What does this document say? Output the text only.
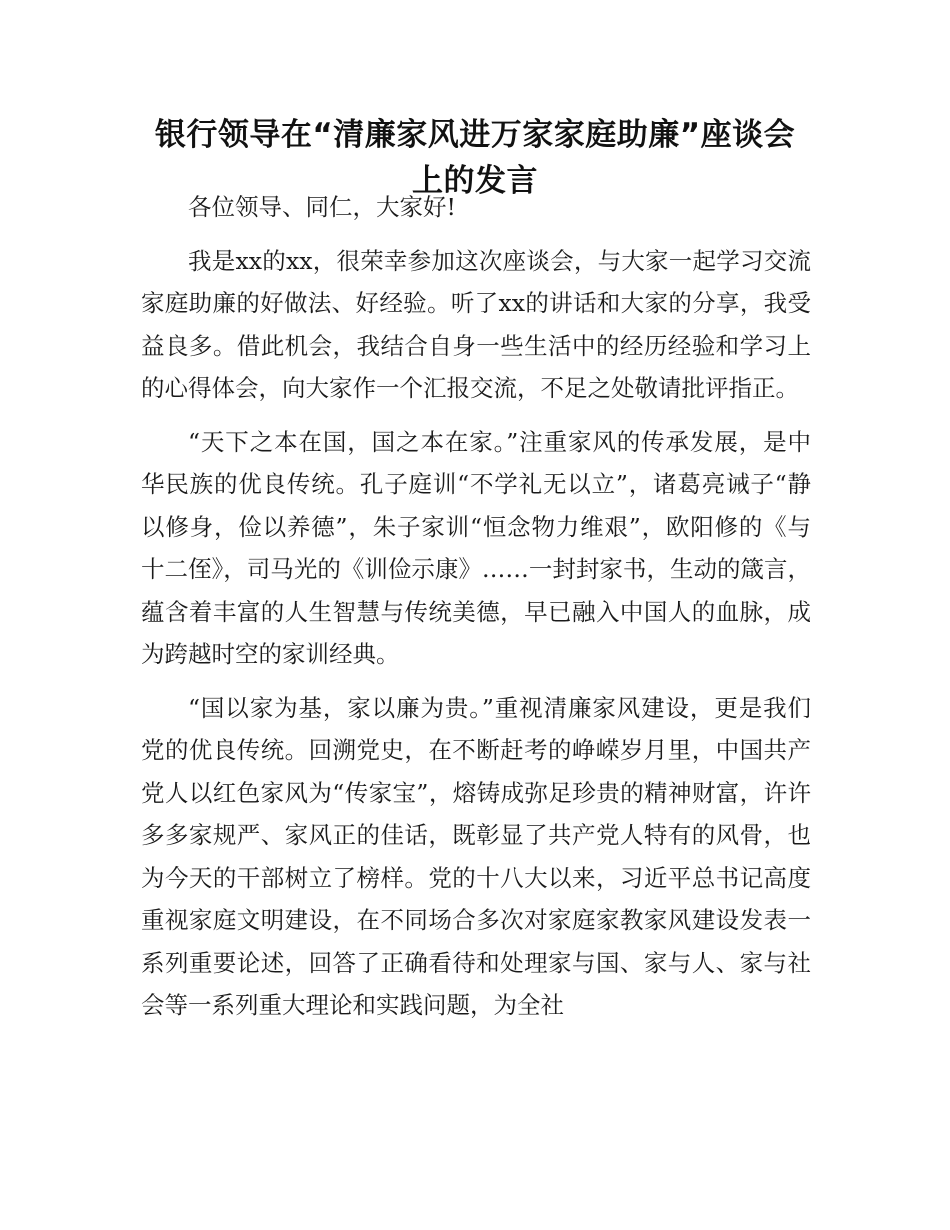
银行领导在“清廉家风进万家家庭助廉”座谈会上的发言

各位领导、同仁，大家好!

我是xx的xx，很荣幸参加这次座谈会，与大家一起学习交流家庭助廉的好做法、好经验。听了xx的讲话和大家的分享，我受益良多。借此机会，我结合自身一些生活中的经历经验和学习上的心得体会，向大家作一个汇报交流，不足之处敬请批评指正。

“天下之本在国，国之本在家。”注重家风的传承发展，是中华民族的优良传统。孔子庭训“不学礼无以立”，诸葛亮诫子“静以修身，俭以养德”，朱子家训“恒念物力维艰”，欧阳修的《与十二侄》，司马光的《训俭示康》……一封封家书，生动的箴言，蕴含着丰富的人生智慧与传统美德，早已融入中国人的血脉，成为跨越时空的家训经典。

“国以家为基，家以廉为贵。”重视清廉家风建设，更是我们党的优良传统。回溯党史，在不断赶考的峥嵘岁月里，中国共产党人以红色家风为“传家宝”，熔铸成弥足珍贵的精神财富，许许多多家规严、家风正的佳话，既彰显了共产党人特有的风骨，也为今天的干部树立了榜样。党的十八大以来，习近平总书记高度重视家庭文明建设，在不同场合多次对家庭家教家风建设发表一系列重要论述，回答了正确看待和处理家与国、家与人、家与社会等一系列重大理论和实践问题，为全社
